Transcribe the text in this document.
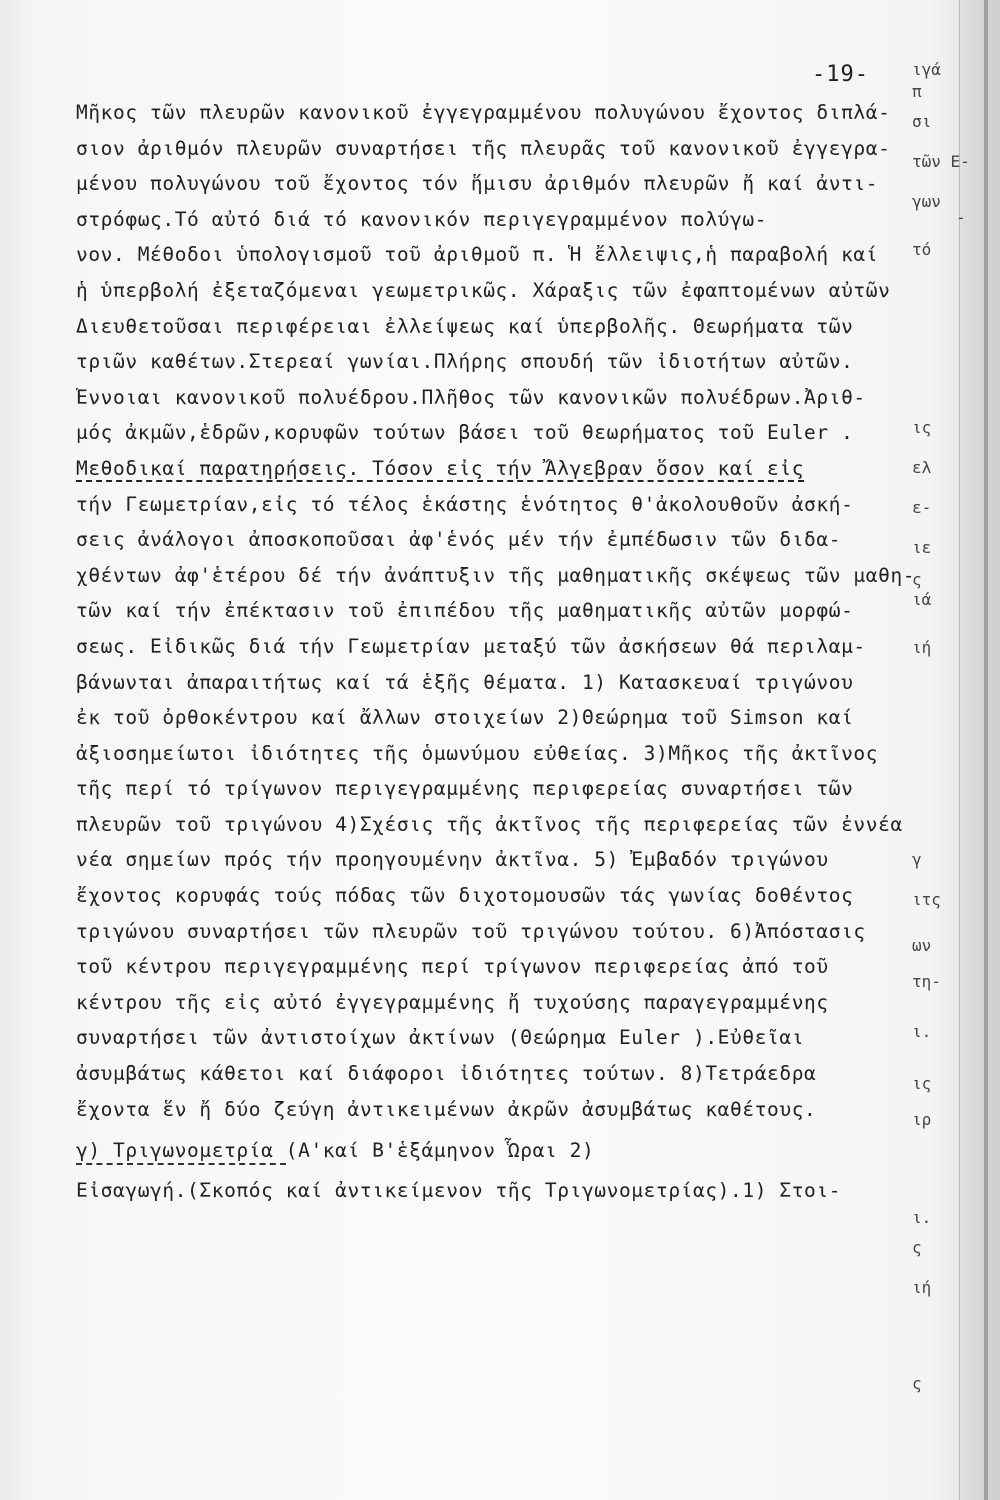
-19-
Μῆκος τῶν πλευρῶν κανονικοῦ ἐγγεγραμμένου πολυγώνου ἔχοντος διπλά-
σιον ἀριθμόν πλευρῶν συναρτήσει τῆς πλευρᾶς τοῦ κανονικοῦ ἐγγεγρα-
μένου πολυγώνου τοῦ ἔχοντος τόν ἥμισυ ἀριθμόν πλευρῶν ἤ καί ἀντι-
στρόφως.Τό αὐτό διά τό κανονικόν περιγεγραμμένον πολύγω-
νον. Μέθοδοι ὑπολογισμοῦ τοῦ ἀριθμοῦ π. Ἡ ἔλλειψις,ἡ παραβολή καί
ἡ ὑπερβολή ἐξεταζόμεναι γεωμετρικῶς. Χάραξις τῶν ἐφαπτομένων αὐτῶν
Διευθετοῦσαι περιφέρειαι ἐλλείψεως καί ὑπερβολῆς. Θεωρήματα τῶν
τριῶν καθέτων.Στερεαί γωνίαι.Πλήρης σπουδή τῶν ἰδιοτήτων αὐτῶν.
Ἔννοιαι κανονικοῦ πολυέδρου.Πλῆθος τῶν κανονικῶν πολυέδρων.Ἀριθ-
μός ἀκμῶν,ἑδρῶν,κορυφῶν τούτων βάσει τοῦ θεωρήματος τοῦ Euler .
Μεθοδικαί παρατηρήσεις. Τόσον εἰς τήν Ἄλγεβραν ὅσον καί εἰς
τήν Γεωμετρίαν,εἰς τό τέλος ἑκάστης ἑνότητος θ'ἀκολουθοῦν ἀσκή-
σεις ἀνάλογοι ἀποσκοποῦσαι ἀφ'ἑνός μέν τήν ἐμπέδωσιν τῶν διδα-
χθέντων ἀφ'ἑτέρου δέ τήν ἀνάπτυξιν τῆς μαθηματικῆς σκέψεως τῶν μαθη-
τῶν καί τήν ἐπέκτασιν τοῦ ἐπιπέδου τῆς μαθηματικῆς αὐτῶν μορφώ-
σεως. Εἰδικῶς διά τήν Γεωμετρίαν μεταξύ τῶν ἀσκήσεων θά περιλαμ-
βάνωνται ἀπαραιτήτως καί τά ἑξῆς θέματα. 1) Κατασκευαί τριγώνου
ἐκ τοῦ ὀρθοκέντρου καί ἄλλων στοιχείων 2)Θεώρημα τοῦ Simson καί
ἀξιοσημείωτοι ἰδιότητες τῆς ὁμωνύμου εὐθείας. 3)Μῆκος τῆς ἀκτῖνος
τῆς περί τό τρίγωνον περιγεγραμμένης περιφερείας συναρτήσει τῶν
πλευρῶν τοῦ τριγώνου 4)Σχέσις τῆς ἀκτῖνος τῆς περιφερείας τῶν ἐννέα
νέα σημείων πρός τήν προηγουμένην ἀκτῖνα. 5) Ἐμβαδόν τριγώνου
ἔχοντος κορυφάς τούς πόδας τῶν διχοτομουσῶν τάς γωνίας δοθέντος
τριγώνου συναρτήσει τῶν πλευρῶν τοῦ τριγώνου τούτου. 6)Ἀπόστασις
τοῦ κέντρου περιγεγραμμένης περί τρίγωνον περιφερείας ἀπό τοῦ
κέντρου τῆς εἰς αὐτό ἐγγεγραμμένης ἤ τυχούσης παραγεγραμμένης
συναρτήσει τῶν ἀντιστοίχων ἀκτίνων (Θεώρημα Euler ).Εὐθεῖαι
ἀσυμβάτως κάθετοι καί διάφοροι ἰδιότητες τούτων. 8)Τετράεδρα
ἔχοντα ἕν ἤ δύο ζεύγη ἀντικειμένων ἀκρῶν ἀσυμβάτως καθέτους.
γ) Τριγωνομετρία (Α'καί Β'ἑξάμηνον Ὧραι 2)
Εἰσαγωγή.(Σκοπός καί ἀντικείμενον τῆς Τριγωνομετρίας).1) Στοι-
ιγά
π
σι
τῶν Ε-
γων
-
τό
ις
ελ
ε-
ιε
ς
ιά
ιή
γ
ιτς
ων
τη-
ι.
ις
ιρ
ι.
ς
ιή
ς
